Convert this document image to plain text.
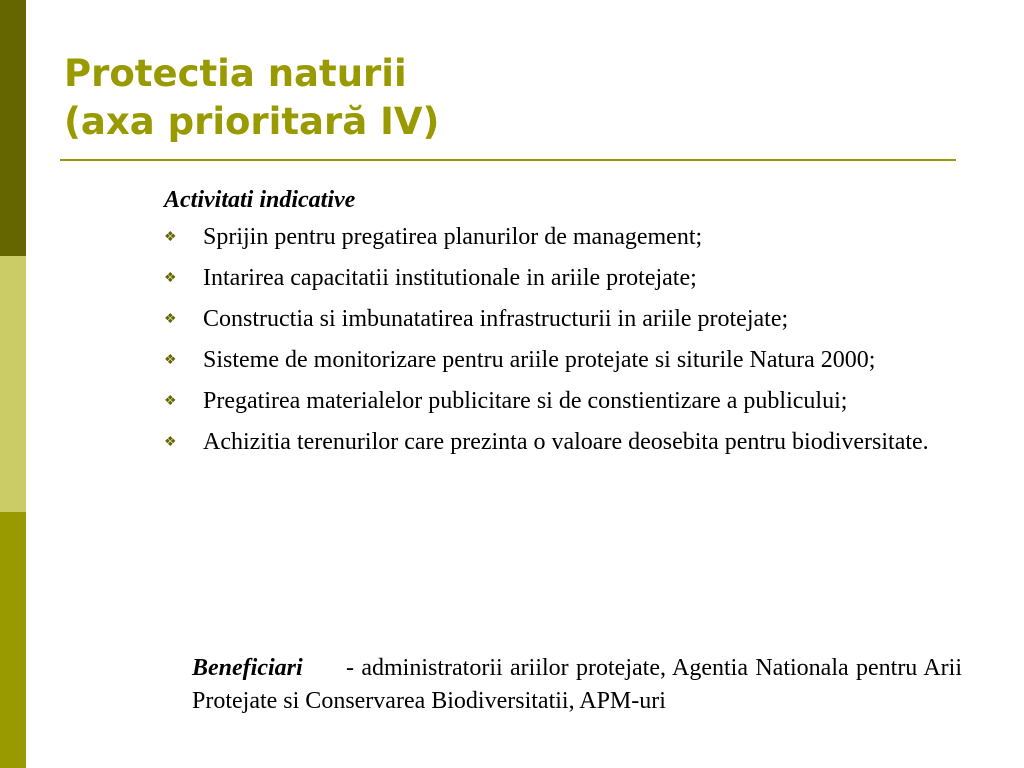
Protectia naturii
(axa prioritară IV)

Activitati indicative

❖ Sprijin pentru pregatirea planurilor de management;
❖ Intarirea capacitatii institutionale in ariile protejate;
❖ Constructia si imbunatatirea infrastructurii in ariile protejate;
❖ Sisteme de monitorizare pentru ariile protejate si siturile Natura 2000;
❖ Pregatirea materialelor publicitare si de constientizare a publicului;
❖ Achizitia terenurilor care prezinta o valoare deosebita pentru biodiversitate.
Beneficiari - administratorii ariilor protejate, Agentia Nationala pentru Arii Protejate si Conservarea Biodiversitatii, APM-uri
